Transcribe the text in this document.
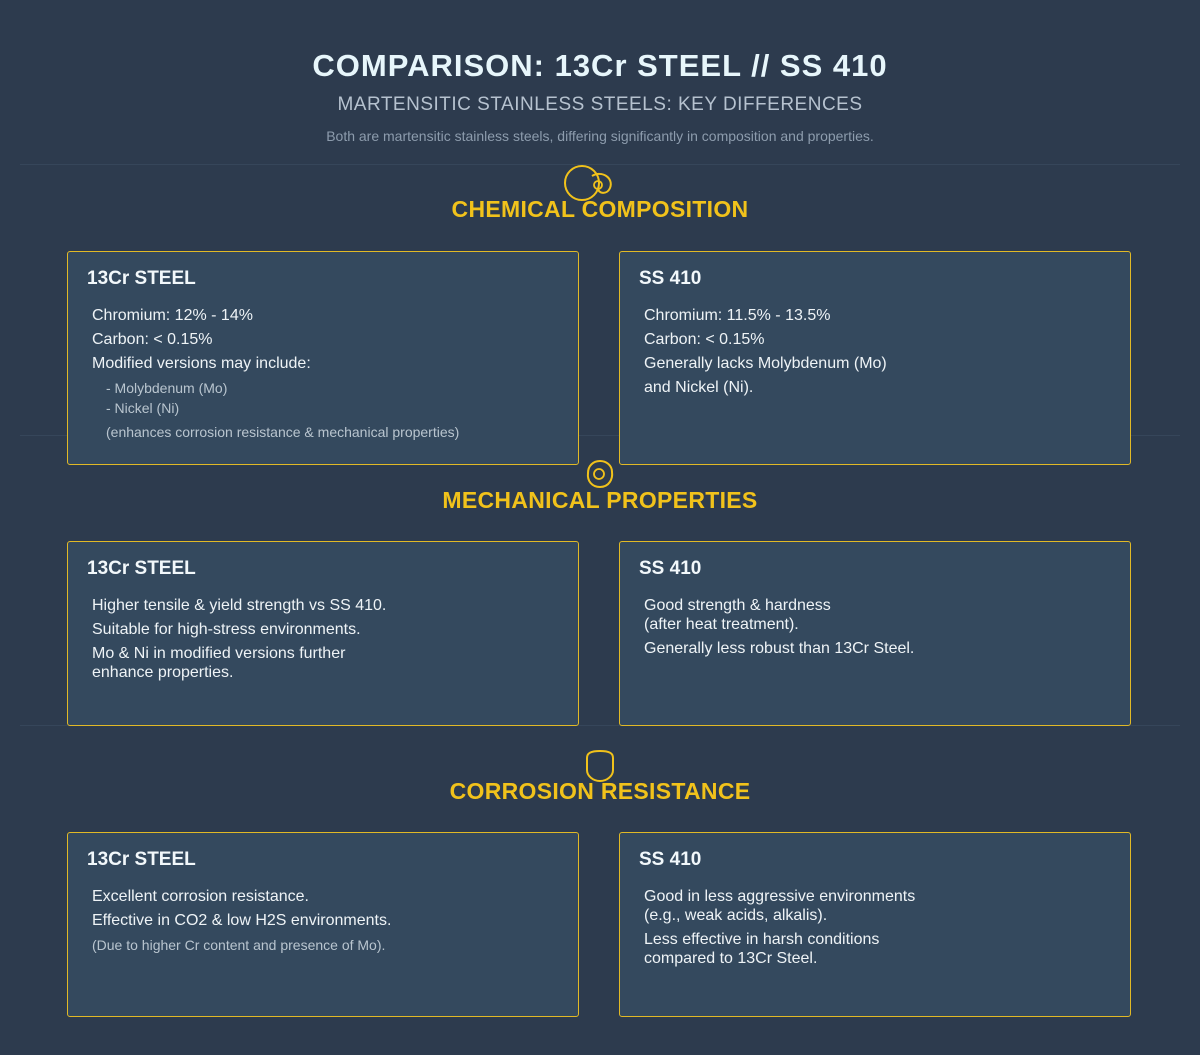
COMPARISON: 13Cr STEEL // SS 410
MARTENSITIC STAINLESS STEELS: KEY DIFFERENCES
Both are martensitic stainless steels, differing significantly in composition and properties.
CHEMICAL COMPOSITION
13Cr STEEL
Chromium: 12% - 14%
Carbon: < 0.15%
Modified versions may include:
- Molybdenum (Mo)
- Nickel (Ni)
(enhances corrosion resistance & mechanical properties)
SS 410
Chromium: 11.5% - 13.5%
Carbon: < 0.15%
Generally lacks Molybdenum (Mo)
and Nickel (Ni).
MECHANICAL PROPERTIES
13Cr STEEL
Higher tensile & yield strength vs SS 410.
Suitable for high-stress environments.
Mo & Ni in modified versions further
enhance properties.
SS 410
Good strength & hardness
(after heat treatment).
Generally less robust than 13Cr Steel.
CORROSION RESISTANCE
13Cr STEEL
Excellent corrosion resistance.
Effective in CO2 & low H2S environments.
(Due to higher Cr content and presence of Mo).
SS 410
Good in less aggressive environments
(e.g., weak acids, alkalis).
Less effective in harsh conditions
compared to 13Cr Steel.
